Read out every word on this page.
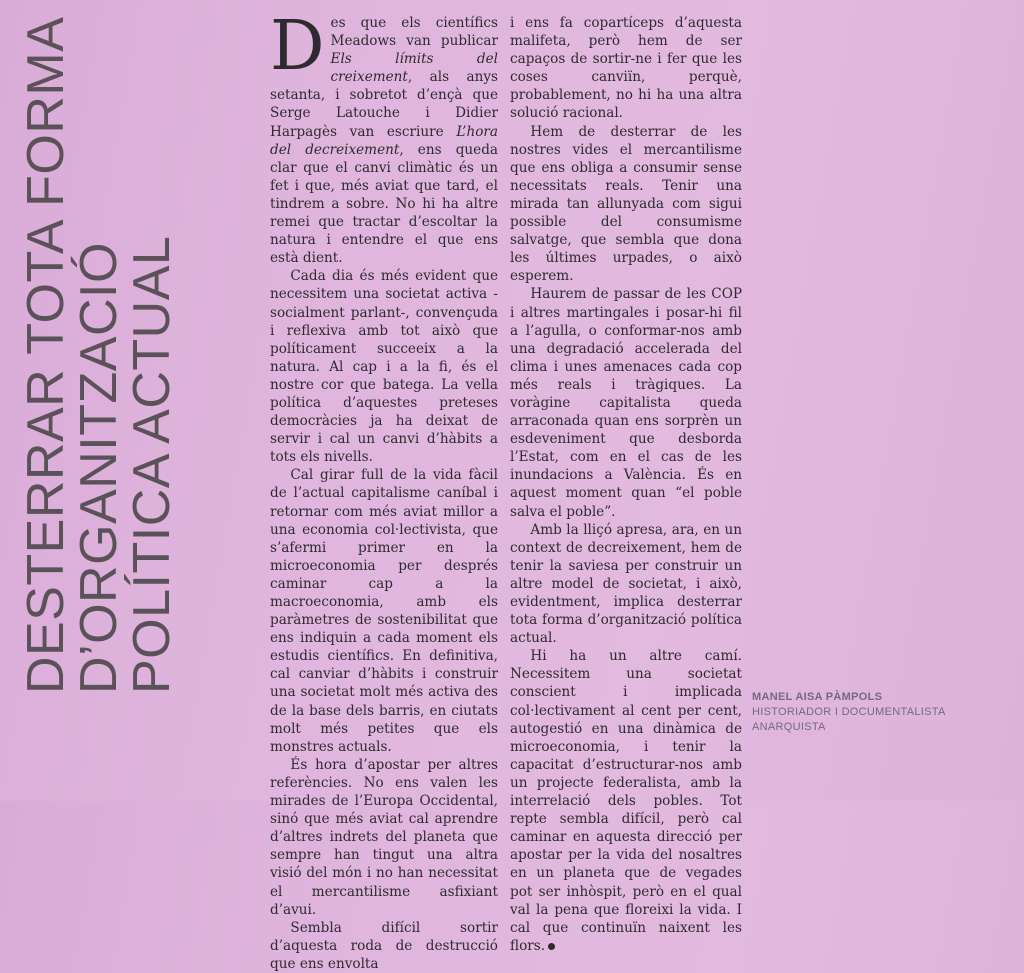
DESTERRAR TOTA FORMA
D’ORGANITZACIÓ
POLÍTICA ACTUAL

Des que els científics Meadows van publicar Els límits del creixement, als anys setanta, i sobretot d’ençà que Serge Latouche i Didier Harpagès van escriure L’hora del decreixement, ens queda clar que el canvi climàtic és un fet i que, més aviat que tard, el tindrem a sobre. No hi ha altre remei que tractar d’escoltar la natura i entendre el que ens està dient.

Cada dia és més evident que necessitem una societat activa -socialment parlant-, convençuda i reflexiva amb tot això que políticament succeeix a la natura. Al cap i a la fi, és el nostre cor que batega. La vella política d’aquestes preteses democràcies ja ha deixat de servir i cal un canvi d’hàbits a tots els nivells.

Cal girar full de la vida fàcil de l’actual capitalisme caníbal i retornar com més aviat millor a una economia col·lectivista, que s’afermi primer en la microeconomia per després caminar cap a la macroeconomia, amb els paràmetres de sostenibilitat que ens indiquin a cada moment els estudis científics. En definitiva, cal canviar d’hàbits i construir una societat molt més activa des de la base dels barris, en ciutats molt més petites que els monstres actuals.

És hora d’apostar per altres referències. No ens valen les mirades de l’Europa Occidental, sinó que més aviat cal aprendre d’altres indrets del planeta que sempre han tingut una altra visió del món i no han necessitat el mercantilisme asfixiant d’avui.

Sembla difícil sortir d’aquesta roda de destrucció que ens envolta

i ens fa copartíceps d’aquesta malifeta, però hem de ser capaços de sortir-ne i fer que les coses canviïn, perquè, probablement, no hi ha una altra solució racional.

Hem de desterrar de les nostres vides el mercantilisme que ens obliga a consumir sense necessitats reals. Tenir una mirada tan allunyada com sigui possible del consumisme salvatge, que sembla que dona les últimes urpades, o això esperem.

Haurem de passar de les COP i altres martingales i posar-hi fil a l’agulla, o conformar-nos amb una degradació accelerada del clima i unes amenaces cada cop més reals i tràgiques. La voràgine capitalista queda arraconada quan ens sorprèn un esdeveniment que desborda l’Estat, com en el cas de les inundacions a València. És en aquest moment quan “el poble salva el poble”.

Amb la lliçó apresa, ara, en un context de decreixement, hem de tenir la saviesa per construir un altre model de societat, i això, evidentment, implica desterrar tota forma d’organització política actual.

Hi ha un altre camí. Necessitem una societat conscient i implicada col·lectivament al cent per cent, autogestió en una dinàmica de microeconomia, i tenir la capacitat d’estructurar-nos amb un projecte federalista, amb la interrelació dels pobles. Tot repte sembla difícil, però cal caminar en aquesta direcció per apostar per la vida del nosaltres en un planeta que de vegades pot ser inhòspit, però en el qual val la pena que floreixi la vida. I cal que continuïn naixent les flors.

MANEL AISA PÀMPOLS
HISTORIADOR I DOCUMENTALISTA
ANARQUISTA
